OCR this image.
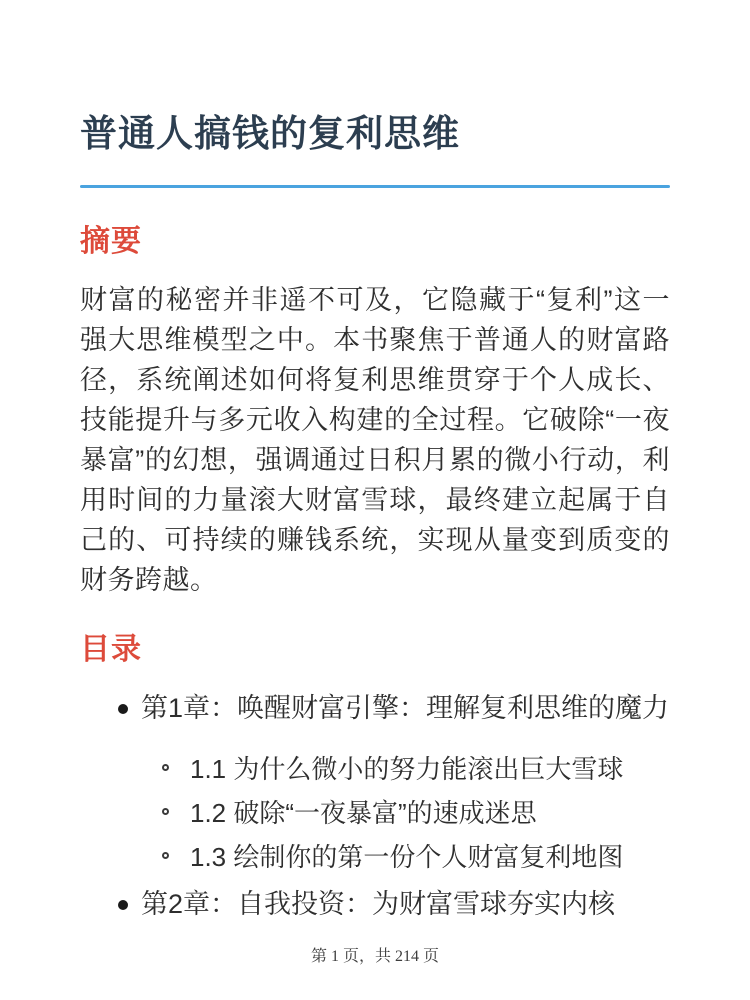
普通人搞钱的复利思维
摘要

财富的秘密并非遥不可及，它隐藏于“复利”这一强大思维模型之中。本书聚焦于普通人的财富路径，系统阐述如何将复利思维贯穿于个人成长、技能提升与多元收入构建的全过程。它破除“一夜暴富”的幻想，强调通过日积月累的微小行动，利用时间的力量滚大财富雪球，最终建立起属于自己的、可持续的赚钱系统，实现从量变到质变的财务跨越。

目录
第1章：唤醒财富引擎：理解复利思维的魔力
1.1 为什么微小的努力能滚出巨大雪球
1.2 破除“一夜暴富”的速成迷思
1.3 绘制你的第一份个人财富复利地图
第2章：自我投资：为财富雪球夯实内核
第 1 页，共 214 页
